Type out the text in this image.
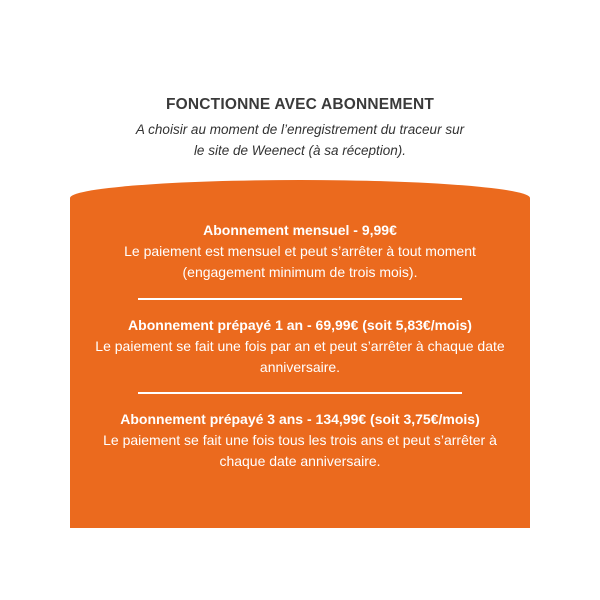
FONCTIONNE AVEC ABONNEMENT

A choisir au moment de l’enregistrement du traceur sur le site de Weenect (à sa réception).

Abonnement mensuel - 9,99€

Le paiement est mensuel et peut s’arrêter à tout moment (engagement minimum de trois mois).

Abonnement prépayé 1 an - 69,99€ (soit 5,83€/mois)

Le paiement se fait une fois par an et peut s’arrêter à chaque date anniversaire.

Abonnement prépayé 3 ans - 134,99€ (soit 3,75€/mois)

Le paiement se fait une fois tous les trois ans et peut s’arrêter à chaque date anniversaire.
